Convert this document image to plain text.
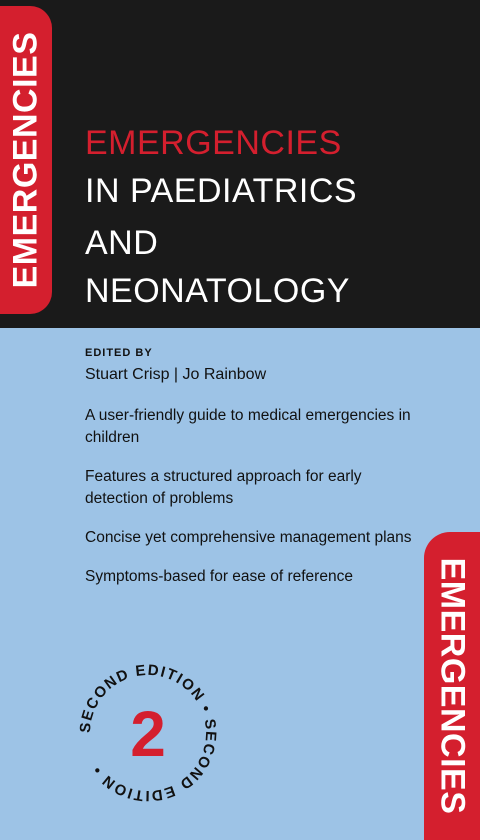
EMERGENCIES EMERGENCIES
IN PAEDIATRICS
AND
NEONATOLOGY
EDITED BY
Stuart Crisp | Jo Rainbow
A user-friendly guide to medical emergencies in children
Features a structured approach for early detection of problems
Concise yet comprehensive management plans
Symptoms-based for ease of reference
SECOND EDITION • SECOND EDITION • 2	EMERGENCIES
